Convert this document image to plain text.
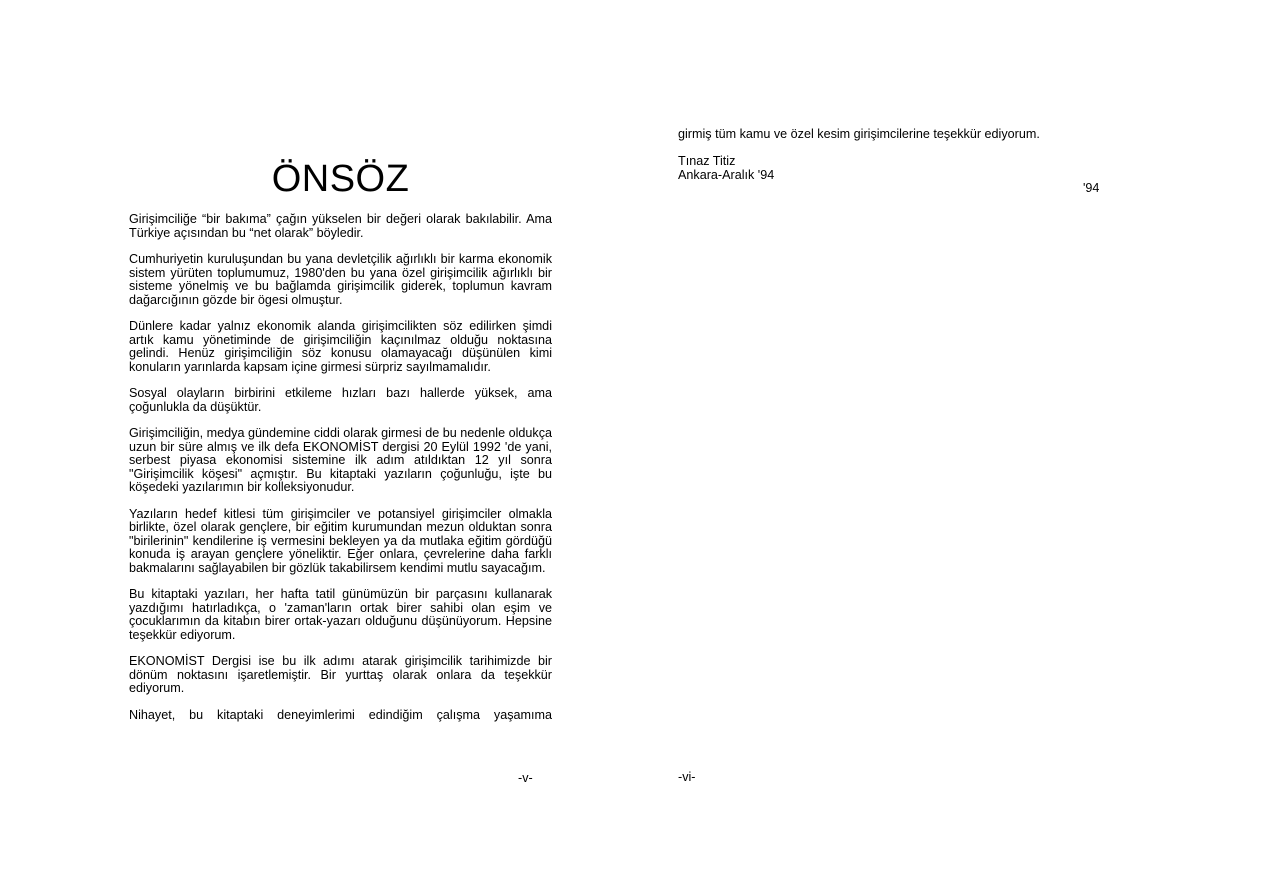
ÖNSÖZ

Girişimciliğe “bir bakıma” çağın yükselen bir değeri olarak bakılabilir. Ama Türkiye açısından bu “net olarak” böyledir.

Cumhuriyetin kuruluşundan bu yana devletçilik ağırlıklı bir karma ekonomik sistem yürüten toplumumuz, 1980'den bu yana özel girişimcilik ağırlıklı bir sisteme yönelmiş ve bu bağlamda girişimcilik giderek, toplumun kavram dağarcığının gözde bir ögesi olmuştur.

Dünlere kadar yalnız ekonomik alanda girişimcilikten söz edilirken şimdi artık kamu yönetiminde de girişimciliğin kaçınılmaz olduğu noktasına gelindi. Henüz girişimciliğin söz konusu olamayacağı düşünülen kimi konuların yarınlarda kapsam içine girmesi sürpriz sayılmamalıdır.

Sosyal olayların birbirini etkileme hızları bazı hallerde yüksek, ama çoğunlukla da düşüktür.

Girişimciliğin, medya gündemine ciddi olarak girmesi de bu nedenle oldukça uzun bir süre almış ve ilk defa EKONOMİST dergisi 20 Eylül 1992 'de yani, serbest piyasa ekonomisi sistemine ilk adım atıldıktan 12 yıl sonra "Girişimcilik köşesi" açmıştır. Bu kitaptaki yazıların çoğunluğu, işte bu köşedeki yazılarımın bir kolleksiyonudur.

Yazıların hedef kitlesi tüm girişimciler ve potansiyel girişimciler olmakla birlikte, özel olarak gençlere, bir eğitim kurumundan mezun olduktan sonra "birilerinin" kendilerine iş vermesini bekleyen ya da mutlaka eğitim gördüğü konuda iş arayan gençlere yöneliktir. Eğer onlara, çevrelerine daha farklı bakmalarını sağlayabilen bir gözlük takabilirsem kendimi mutlu sayacağım.

Bu kitaptaki yazıları, her hafta tatil günümüzün bir parçasını kullanarak yazdığımı hatırladıkça, o 'zaman'ların ortak birer sahibi olan eşim ve çocuklarımın da kitabın birer ortak-yazarı olduğunu düşünüyorum. Hepsine teşekkür ediyorum.

EKONOMİST Dergisi ise bu ilk adımı atarak girişimcilik tarihimizde bir dönüm noktasını işaretlemiştir. Bir yurttaş olarak onlara da teşekkür ediyorum.

Nihayet, bu kitaptaki deneyimlerimi edindiğim çalışma yaşamıma

-v-

girmiş tüm kamu ve özel kesim girişimcilerine teşekkür ediyorum.

Tınaz Titiz

Ankara-Aralık '94

'94
-vi-
